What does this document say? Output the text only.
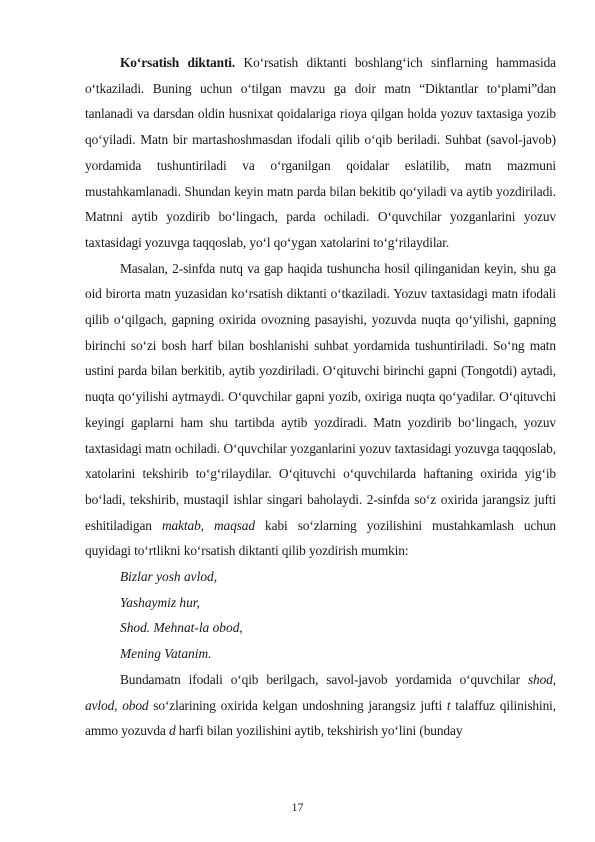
Ko‘rsatish diktanti. Ko‘rsatish diktanti boshlang‘ich sinflarning hammasida o‘tkaziladi. Buning uchun o‘tilgan mavzu ga doir matn “Diktantlar to‘plami”dan tanlanadi va darsdan oldin husnixat qoidalariga rioya qilgan holda yozuv taxtasiga yozib qo‘yiladi. Matn bir martashoshmasdan ifodali qilib o‘qib beriladi. Suhbat (savol-javob) yordamida tushuntiriladi va o‘rganilgan qoidalar eslatilib, matn mazmuni mustahkamlanadi. Shundan keyin matn parda bilan bekitib qo‘yiladi va aytib yozdiriladi. Matnni aytib yozdirib bo‘lingach, parda ochiladi. O‘quvchilar yozganlarini yozuv taxtasidagi yozuvga taqqoslab, yo‘l qo‘ygan xatolarini to‘g‘rilaydilar.

Masalan, 2-sinfda nutq va gap haqida tushuncha hosil qilinganidan keyin, shu ga oid birorta matn yuzasidan ko‘rsatish diktanti o‘tkaziladi. Yozuv taxtasidagi matn ifodali qilib o‘qilgach, gapning oxirida ovozning pasayishi, yozuvda nuqta qo‘yilishi, gapning birinchi so‘zi bosh harf bilan boshlanishi suhbat yordamida tushuntiriladi. So‘ng matn ustini parda bilan berkitib, aytib yozdiriladi. O‘qituvchi birinchi gapni (Tongotdi) aytadi, nuqta qo‘yilishi aytmaydi. O‘quvchilar gapni yozib, oxiriga nuqta qo‘yadilar. O‘qituvchi keyingi gaplarni ham shu tartibda aytib yozdiradi. Matn yozdirib bo‘lingach, yozuv taxtasidagi matn ochiladi. O‘quvchilar yozganlarini yozuv taxtasidagi yozuvga taqqoslab, xatolarini tekshirib to‘g‘rilaydilar. O‘qituvchi o‘quvchilarda haftaning oxirida yig‘ib bo‘ladi, tekshirib, mustaqil ishlar singari baholaydi. 2-sinfda so‘z oxirida jarangsiz jufti eshitiladigan maktab, maqsad kabi so‘zlarning yozilishini mustahkamlash uchun quyidagi to‘rtlikni ko‘rsatish diktanti qilib yozdirish mumkin:

Bizlar yosh avlod,

Yashaymiz hur,

Shod. Mehnat-la obod,

Mening Vatanim.

Bundamatn ifodali o‘qib berilgach, savol-javob yordamida o‘quvchilar shod, avlod, obod so‘zlarining oxirida kelgan undoshning jarangsiz jufti t talaffuz qilinishini, ammo yozuvda d harfi bilan yozilishini aytib, tekshirish yo‘lini (bunday

17
